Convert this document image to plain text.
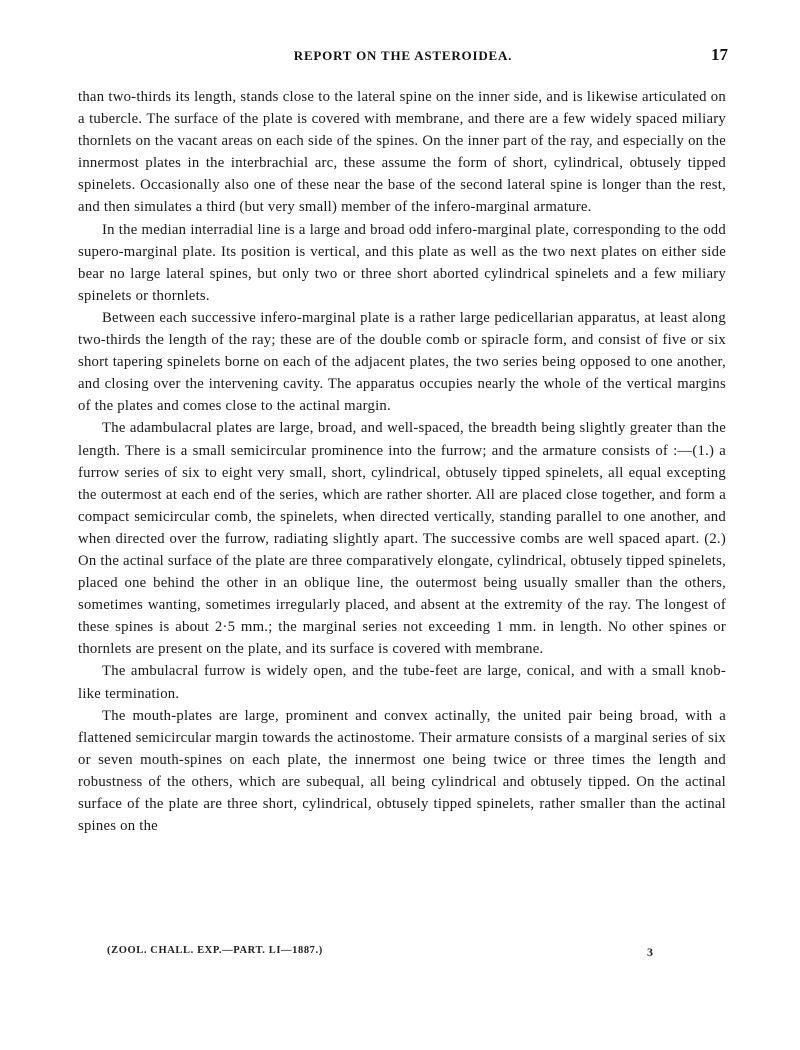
REPORT ON THE ASTEROIDEA.	17

than two-thirds its length, stands close to the lateral spine on the inner side, and is likewise articulated on a tubercle. The surface of the plate is covered with membrane, and there are a few widely spaced miliary thornlets on the vacant areas on each side of the spines. On the inner part of the ray, and especially on the innermost plates in the interbrachial arc, these assume the form of short, cylindrical, obtusely tipped spinelets. Occasionally also one of these near the base of the second lateral spine is longer than the rest, and then simulates a third (but very small) member of the infero-marginal armature.

In the median interradial line is a large and broad odd infero-marginal plate, corresponding to the odd supero-marginal plate. Its position is vertical, and this plate as well as the two next plates on either side bear no large lateral spines, but only two or three short aborted cylindrical spinelets and a few miliary spinelets or thornlets.

Between each successive infero-marginal plate is a rather large pedicellarian apparatus, at least along two-thirds the length of the ray; these are of the double comb or spiracle form, and consist of five or six short tapering spinelets borne on each of the adjacent plates, the two series being opposed to one another, and closing over the intervening cavity. The apparatus occupies nearly the whole of the vertical margins of the plates and comes close to the actinal margin.

The adambulacral plates are large, broad, and well-spaced, the breadth being slightly greater than the length. There is a small semicircular prominence into the furrow; and the armature consists of :—(1.) a furrow series of six to eight very small, short, cylindrical, obtusely tipped spinelets, all equal excepting the outermost at each end of the series, which are rather shorter. All are placed close together, and form a compact semicircular comb, the spinelets, when directed vertically, standing parallel to one another, and when directed over the furrow, radiating slightly apart. The successive combs are well spaced apart. (2.) On the actinal surface of the plate are three comparatively elongate, cylindrical, obtusely tipped spinelets, placed one behind the other in an oblique line, the outermost being usually smaller than the others, sometimes wanting, sometimes irregularly placed, and absent at the extremity of the ray. The longest of these spines is about 2·5 mm.; the marginal series not exceeding 1 mm. in length. No other spines or thornlets are present on the plate, and its surface is covered with membrane.

The ambulacral furrow is widely open, and the tube-feet are large, conical, and with a small knob-like termination.

The mouth-plates are large, prominent and convex actinally, the united pair being broad, with a flattened semicircular margin towards the actinostome. Their armature consists of a marginal series of six or seven mouth-spines on each plate, the innermost one being twice or three times the length and robustness of the others, which are subequal, all being cylindrical and obtusely tipped. On the actinal surface of the plate are three short, cylindrical, obtusely tipped spinelets, rather smaller than the actinal spines on the

(ZOOL. CHALL. EXP.—PART. LI—1887.)	3
